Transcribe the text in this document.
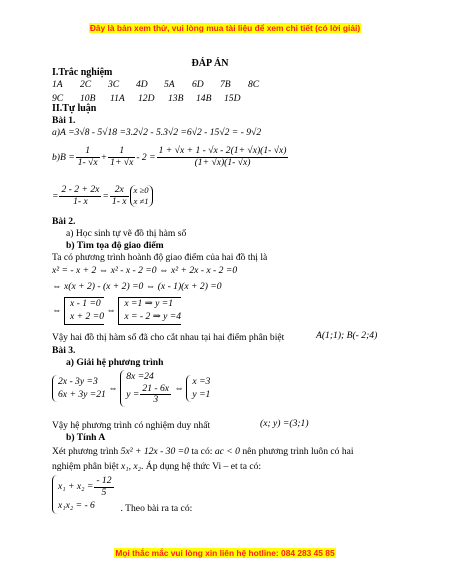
Đây là bản xem thử, vui lòng mua tài liệu để xem chi tiết (có lời giải)
ĐÁP ÁN
I.Trắc nghiệm
1A 2C 3C 4D 5A 6D 7B 8C
9C 10B 11A 12D 13B 14B 15D
II.Tự luận
Bài 1.
a)A =3√8 - 5√18 =3.2√2 - 5.3√2 =6√2 - 15√2 = - 9√2
$b)B = \frac{1}{1- √x} + \frac{1}{1+ √x} - 2 = \frac{1 + √x + 1 - √x - 2(1+ √x)(1- √x)}{(1+ √x)(1- √x)}$
= $\frac{2 - 2 + 2x}{1- x} = \frac{2x}{1- x}$ x ≥0
x ≠1
Bài 2.
a) Học sinh tự vẽ đồ thị hàm số
b) Tìm tọa độ giao điểm
Ta có phương trình hoành độ giao điểm của hai đồ thị là
x² = - x + 2 ⇔ x² - x - 2 =0 ⇔ x² + 2x - x - 2 =0
⇔ x(x + 2) - (x + 2) =0 ⇔ (x - 1)(x + 2) =0
⇔
x - 1 =0
x + 2 =0
⇔
x =1 ⇒ y =1
x = - 2 ⇒ y =4
Vậy hai đồ thị hàm số đã cho cắt nhau tại hai điểm phân biệt	A(1;1); B(- 2;4)
Bài 3.
a) Giải hệ phương trình
2x - 3y =3
6x + 3y =21
⇔
8x =24
$y = \frac{21 - 6x}{3}$ ⇔
x =3
y =1
Vậy hệ phương trình có nghiệm duy nhất	(x; y) =(3;1)
b) Tính A
Xét phương trình 5x² + 12x - 30 =0 ta có: ac < 0 nên phương trình luôn có hai
nghiệm phân biệt x₁, x₂. Áp dụng hệ thức Vi – et ta có:
$x_1 + x_2 = \frac{- 12}{5}$
x₁x₂ = - 6	. Theo bài ra ta có:
Mọi thắc mắc vui lòng xin liên hệ hotline: 084 283 45 85
